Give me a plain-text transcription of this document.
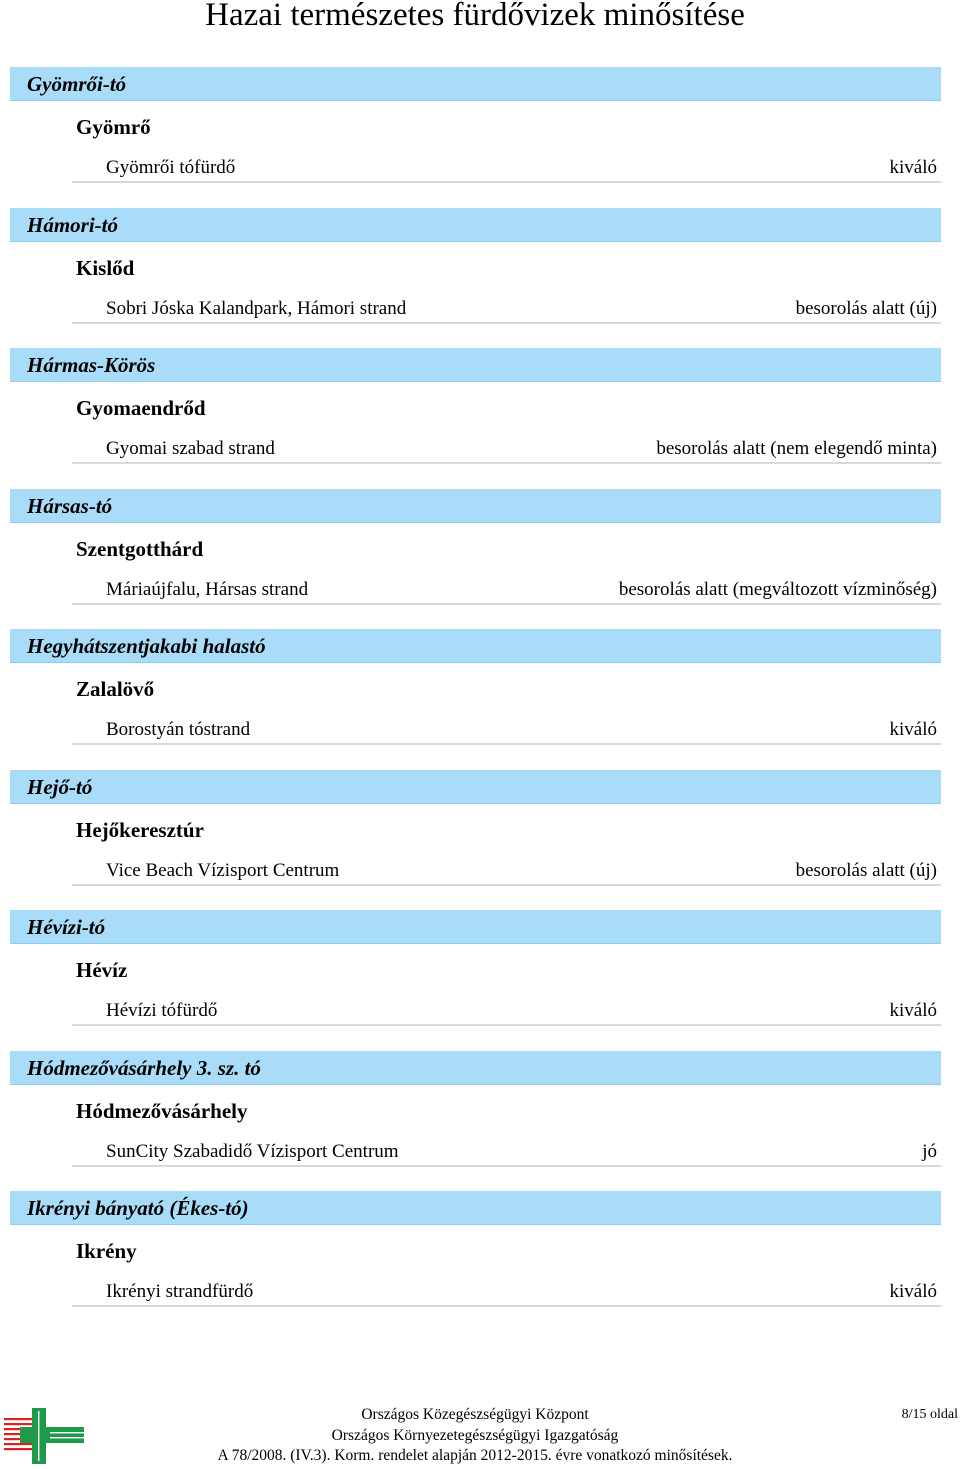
Hazai természetes fürdővizek minősítése
Gyömrői-tó
Gyömrő
Gyömrői tófürdő	kiváló
Hámori-tó
Kislőd
Sobri Jóska Kalandpark, Hámori strand	besorolás alatt (új)
Hármas-Körös
Gyomaendrőd
Gyomai szabad strand	besorolás alatt (nem elegendő minta)
Hársas-tó
Szentgotthárd
Máriaújfalu, Hársas strand	besorolás alatt (megváltozott vízminőség)
Hegyhátszentjakabi halastó
Zalalövő
Borostyán tóstrand	kiváló
Hejő-tó
Hejőkeresztúr
Vice Beach Vízisport Centrum	besorolás alatt (új)
Hévízi-tó
Hévíz
Hévízi tófürdő	kiváló
Hódmezővásárhely 3. sz. tó
Hódmezővásárhely
SunCity Szabadidő Vízisport Centrum	jó
Ikrényi bányató (Ékes-tó)
Ikrény
Ikrényi strandfürdő	kiváló
Országos Közegészségügyi Központ
Országos Környezetegészségügyi Igazgatóság
A 78/2008. (IV.3). Korm. rendelet alapján 2012-2015. évre vonatkozó minősítések.
8/15 oldal
